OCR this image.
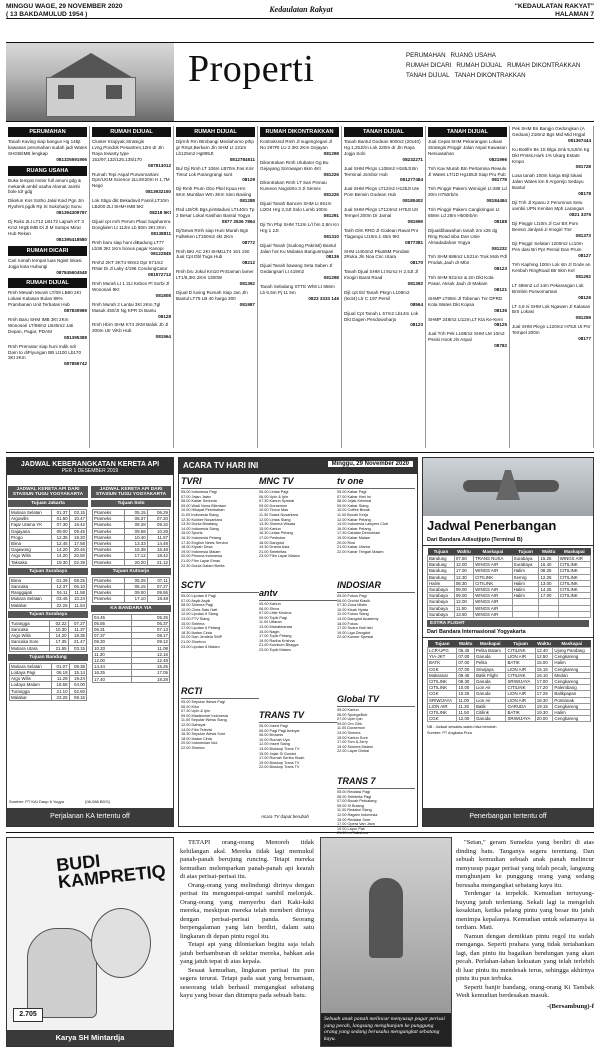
MINGGU WAGE, 29 NOVEMBER 2020
( 13 BAKDAMULUD 1954 )
Kedaulatan Rakyat	"KEDAULATAN RAKYAT"
HALAMAN 7
Properti	PERUMAHAN RUANG USAHA
RUMAH DICARI RUMAH DIJUAL RUMAH DIKONTRAKKAN
TANAH DIJUAL TANAH DIKONTRAKKAN
PERUMAHAN
Tanah Kaving siap bangun Hg 145jt kawasan perumahan sudah jadi Wates SHGB/IMB lengkap
081325591906
RUANG USAHA
Buka tempat motor full amuni gdg & mekanik ambil usaha Alamat Jambi bole tdr gdg
Dikelun Kos Sotho Jalal Koid Pgn Jm Ryoferti pgdk Rp Si Sukoharjo Sunu
081394309797
Dj Ruko 2Lt LT12 LB172 Lajnah KT 3 Km2 Hrg$ IMB Di Jl M Sutopo Mirat Hub Rekan
081395418580
RUMAH DICARI
Cari rumah tempat luas Ngisit lokasi Jogja kota Hubungi
087845604548
RUMAH DIJUAL
Rmh Mewah Murah LT/08 LB80 2Kt Lokasi Kalasan Bulan 89% Prambanan Unit Terbatas Hub
087830989
Rmh Baru SHM IMB 3Kt 2Km Wonosari LT/98m2 LB45m2 Jati Depan, Pagar, PDAM
081395388
Rmh Prematur siap huni mdik sdr Dam to diPiyungan BB Lt100 Lb170 3Kt 2Km
087856742
RUMAH DIJUAL
Cluster Krapyak,Strategis Lvng,Pondok Pesantren,10m dr Jln Raya tewarty type 152/97,132/125,135/170
087813012
Rumah Tepi Aspal Purwomartani Dpn/UGM Science 2LL9X20m H 1,7M Nego
0813932150
Lok Stigo dkt Bekadavit Fasnil,LT10m LB200 2Lt SHM+IMB 5Kt
08218 5Kt
Dijual cpt mrh Perum Plaut Sajaharera Donglalen Lt 112m Lb 80m 3Kt 2Km
08138811
Rmh baru siap huni diBadung LT77 Lb36 3Kt 1Km bonus pagar Kanopi
08122845
Rmh2 2KT 3KT4 90m2 Dpr 671m2 RNaI Di Jl Laky 4/196 CondongCatur
081572712
Rmh Murah Lt 1 2Lt Kebon Pl Sorbi Jl Wonosari 9Kt
081808
Rmh Murah 2 Lantai 3Kt 2Km,Tgl Masuk 450/Jt Ng KPR Di Bantu
08128
Rmh Hbrn SHM KT4 2KM Balok Jb Jl 200m Utr ViKb Hub
081564
RUMAH DIJUAL
Dijrmh Rm Btmbangi Mediahomo pthp gr Rmpt,Berkarn Jln SHM Lt 131m Lb125m2 Hg895Jt
0812784511
Bu/ Dji Rmh LT 106m LB70m,Fas Kmr Timut Lok Parangrangi sunt
08129
Dji Rmh Prum Gbo Pkel Kpua Hrn 5Km Muntilan Wrn 3Km Sinn Baviing
081288
Rsd LB/Oh Bgs,pinMaduni LT140m Tp 2 Besar Lokal Kasihan Bantul Yogya
0877 3536 7864
Dj/Sewa Rmh siap Huni Murah Bgn Fullteken LT150m2 4kt 2Km
08772
Rmh BKI AC 2Kt SHMLLT4 161 150 Jual Cpt Dbl Tuga Hub
08212
Rmh bru Jokul Km10 PnGaman lamer LT1/8,3Kt 2Km 1300W
081392
Dijual D luving Rumah Siap Jan Jln Bantul LT75 LB 40 harga 300
081987
RUMAH DIKONTRAKKAN
KontrakUsd Rmh Jl sugeng/egari Jl No 297Rt LU 2 3Kt 2Km Gejayan
081298
Dikontrakan Rmh Ulubator Gg Bu Gejayang Sorowajan 6km 4Kt
081226
Dikontrakan Rmh LT Sari Pinnau Kumeon Nogotirto 3 Jl Semec
081226
Dijual Tanah Bancen SHM Lt 651m Lt204 Hrg 2,3Jt Solo Lumb 100m
081291
Dji Tin Pbp SHM 712m L/I hm 2,8m Kn Hrg 1 2Jt
081310
Dijual Tanah (Sudong Pakristi) Bantul Jalan hot Ku Mulatan Bangunrtapan
08136
Dijual Tanah bawang Seta Saben Jl Gedangsari Lt 419m2
081298
Tanah Sebalang STTE Wh6 Lt 656m Lb 6,5m Pj 11 5m
0823 3333 146
TANAH DIJUAL
Tanah Bantul Godean 600m2 (20x40) Hg 1,25Jt/m Lok 220m dr Jln Raya Jogja Solo
08232271
Jual SHM Pkrgn L108m2 H165Jt Bn Terminal Jombor Hub
081277484
Jual SHM Pkrgn LT12m2 H125Jt Ute Pom Bensin Godean Hub
08180402
Jual SHM Pkrgn LT124m2 H75Jt Utr Tempel 200m Dr Jamal
081999
Tanh Dlm RRD Jl Godean Raval Pnr Tlagangu Lt16m,1 45m 9Kt
0877381
SHM Lt404m2 Pku65M Pondasi 2Ruka Jln Noa Cnc Utara
08170
Tanah Djual SHM Lt 91m2 H 2,5Jt Jl Imogiri Barat Road
081393
Dijl cpt tlsl Tanah Pkrgn L108m2 (9x34) Ltr C 197 Persil
08564
Dijual Cpt Tanah L 57m2 Lb14m Lok Dkt Dagen Pendowoharjo
08123
TANAH DIJUAL
Jual Cepat SHM Pekarangan Lokasi Strategis Pinggir Jalan Aspal Kawasan Nenuasahan
0821996
Tnh Kav Murah Btn Pertamina Rewulu Jl Wates LT/1D Hg165Jt Siap Pru Pub
081778
Tnh Pinggir Pakem Wonogiri Lt:488 Ld 20m H750rb/m
08184484
Tnh Pinggir Pakem Cangkringan Lt 558m Ld 28m H500rb/m
08188
Dijualdibawahan tanah 2m x25 dg Ring Road siba Dan Unie Almadadahan Yogya
081232
Tnh SHM 686m2 LS21m Truk Mob Pdl Produk,Jauh dr Mbn
08123
Tnh SHM 821m2 & 2m Dkt Kota Pasar, Aksuk Jauh dr Makam
08121
SHMP LT69m Jl Tobenan Tnr DPRD Kota Wates Dkt Kopsa
08135
SHMP 248m2 Lt12m,LT Kta Ke-Kern
08125
Jual Tnh Pek L168m2 SHM LM 10m2 Pssisi Hook Jln Aspal
08782
Pek SHM Bri Bangjo Gedongkan (A Gedoan) 218m2 Bgs Mid Mid Hrgjal
081367444
Ku Bo6fm Bs 1S Blga 2mk 5,5Jt/m Kg Dkt Pmtss,Hark 1% Ukarg Estate Kmpo
081728
Lusa tanah 100m harga 65jt lokasi Jalan Wates km 9 Argorejo Sedayu Bantul
08178
Dji Tnh Jl Kpanu 2 Perumnus Setu xambii UPN Kenitan Mph Larangan
0821 3376
Dji Pinggir Lt10m Jl Car Brt Pom Bensin Janlyati Ji Imogiri Tmr
081373
Dji Pinggir Selatan 1200m2 Lc10m Pen dasi Bri Ppr Pemid Dan Prum
08127
Tnh Kaphing 100m Lok stn Jl Gode an Kenbuh RingRoad Btr 5km Kel
081292
LT 486m2 Ld 14m Pekarangan Lok Brimbin Purwomartani
08126
LT 4,8 ni SHM Lok Ngawen Jl Kalasan Brtr Lokasi
081259
Jual SHM Pkrgn L120m2 H75Jt Ut Pnr Tempel 200m
08177
JADWAL KEBERANGKATAN KERETA API
PER 1 DESEMBER 2019
JADWAL KERETA API DARI STASIUN TUGU YOGYAKARTA
Tujuan Jakarta
Mutiara Selatan	01.37	03.15
Argowilis	01.50	10.47
Fajar Utama YK	07.30	16.42
Gajayana	09.00	09.45
Progo	12.35	19.20
Bima	12.45	17.58
Gajawong	14.20	20.46
Argo Wilis	14.20	20.50
Taksaka	19.30	02.39
Tujuan Surabaya
Bima	01.39	08.25
Sancaka	12.37	06.10
Ranggajati	04.11	11.58
Mutiara Selatan	03.45	10.24
Malabar	22.25	11.54
Tujuan Surabaya
Turangga	02.22	07.27
Sancaka	10.30	11.37
Argo Wilis	14.20	18.35
Sancaka Sore	17.35	21.47
Mutiara Utara	21.55	03.15
Tujuan Bandung
Mutiara Selatan	01.07	08.36
Lodaya Pagi	06.18	15.14
Argo Wilis	11.29	19.24
Lodaya Malam	18.58	04.00
Turangga	21.10	02.50
Malabar	23.25	08.16
JADWAL KERETA API DARI STASIUN TUGU YOGYAKARTA
Tujuan Solo
Prameks	05.15	06.29
Prameks	06.37	07.20
Prameks	08.28	09.32
Prameks	09.58	10.29
Prameks	10.40	11.57
Prameks	13.33	14.48
Prameks	15.38	16.48
Prameks	17.12	18.42
Prameks	20.20	21.12
Tujuan Kutoarjo
Prameks	05.25	07.11
Prameks	06.15	07.27
Prameks	09.00	09.56
Prameks	17.10	18.48
KA BANDARA YIA
04.45	05.25
05.55	06.37
06.31	07.13
07.37	08.17
08.30	09.12
10.33	11.08
11.30	12.16
12.00	12.48
14.44	15.25
16.25	17.05
17.40	18.28
Sumber: PT KAI Daop 6 Yogya	(08-068.BDG)
Perjalanan KA tertentu off
ACARA TV HARI INI	Minggu, 29 November 2020
TVRI
05.00 Indonesia Pagi
07.00 Jalan Jalan
08.00 Kabar Sedunia
09.00 Wadi Nona Bilerdam
10.00 Hikayat Pernikahan
11.00 Indonesia Siang
12.30 Kuliner Nusantara
13.30 Dunia Binatang
14.00 Indonesia Siang
15.00 Sports
16.30 Indonesia Petang
17.30 English News Service
18.00 Kiprah Desa
19.00 Indonesia Malam
20.00 Pesona Indonesia
21.00 Film Layar Emas
22.30 Dunia Dalam Berita
MNC TV
05.00 Lintas Pagi
06.00 Upin & Ipin
07.30 Kartun Spesial
09.00 Doraemon
10.00 Timun Mas
11.30 Suara Nusantara
12.00 Lintas Siang
13.30 Sinema Wisata
15.00 Kartun
16.30 Lintas Petang
17.00 Pesbuker
18.00 Dangdut
19.30 Drama Asia
21.00 Selebritas
23.00 Film Layar Malam
tv one
05.00 Kabar Pagi
07.00 Kabar Hari Ini
08.00 Jejak Kriminal
09.00 Kabar Siang
10.00 Coffee Break
11.00 Bocah Kerja
12.00 Kabar Petang
14.00 Indonesia Lawyers Club
16.00 Kabar Petang
17.30 Catatan Demokrasi
19.00 Kabar Malam
20.00 Rosi
21.00 Kabar Utama
22.00 Kabar Tengah Malam
SCTV
05.00 Liputan 6 Pagi
07.00 Asyik Asyik
08.00 Sinema Pagi
10.00 Cinta Satu Hati
12.00 Liputan 6 Siang
13.00 FTV Siang
15.00 Sinema
17.00 Liputan 6 Petang
18.30 Ikatan Cinta
20.00 Dari Jendela SMP
21.00 Sinetron
23.00 Liputan 6 Malam
INDOSIAR
05.00 Fokus Pagi
06.00 Orchid Klasik
07.30 Zona Mistis
10.00 Kisah Nyata
12.00 Fokus Siang
13.00 Dangdut Academy
16.00 Fokus
17.00 Suara Hati Istri
19.00 Liga Dangdut
22.00 Konser Spesial
antv
05.00 Kartun
06.00 Shiva
07.00 Little Krishna
09.00 Topik Pagi
11.00 Uttaran
13.00 Mahabharata
15.00 Nagin
17.00 Topik Petang
19.00 Radha Krishna
21.00 Kumkum Bhagya
23.00 Topik Malam
RCTI
05.00 Seputar iNews Pagi
06.00 Kiko
07.30 Upin & Ipin
09.00 Masterchef Indonesia
11.00 Seputar iNews Siang
12.00 Dahsyat
14.00 Film Televisi
16.30 Seputar iNews Sore
18.00 Ikatan Cinta
20.00 Indonesian Idol
22.00 Sinema
TRANS TV
05.00 Insert Pagi
06.00 Pagi Pagi Ambyar
08.00 Brownis
10.00 Rumah Uya
12.00 Insert Siang
13.00 Bioskop Trans TV
15.00 Jejak Si Gundul
17.00 Rumah Seribu Kisah
19.00 Bioskop Trans TV
22.00 Bioskop Trans TV
Global TV
05.00 Kartun
06.00 SpongeBob
07.00 Upin Ipin
09.00 Om Cilik
11.00 Doraemon
13.00 Sinema
15.00 Kartun Sore
17.00 Tom & Jerry
19.00 Sinema Malam
22.00 Layar Global
TRANS 7
05.00 Redaksi Pagi
06.00 Selebrita Pagi
07.00 Bocah Petualang
09.00 Si Bolang
11.00 Redaksi Siang
12.00 Ragam Indonesia
15.00 Redaksi Sore
17.00 Opera Van Java
19.00 Lapor Pak
21.00 Ini Talkshow
Acara TV dapat berubah
Jadwal Penerbangan
Dari Bandara Adisutjipto (Terminal B)
Tujuan	Waktu	Maskapai	Tujuan	Waktu	Maskapai
Bandung	07.50	TRANS NUSA	Surabaya	15.25	WINGS AIR
Bandung	12.00	WINGS AIR	Surabaya	16.40	CITILINK
Bandung	17.00	WINGS AIR	Halim	08.25	CITILINK
Bandung	12.30	CITILINK	Semrg	12.25	CITILINK
Halim	08.30	CITILINK	Halim	13.00	CITILINK
Surabaya	09.00	WINGS AIR	Halim	14.25	CITILINK
Surabaya	09.00	WINGS AIR	Halim	17.00	CITILINK
Surabaya	12.00	WINGS AIR			
Surabaya	11.50	WINGS AIR			
Surabaya	13.50	WINGS AIR			
EXTRA FLIGHT
Dari Bandara Internasional Yogyakarta
Tujuan	Waktu	Maskapai	Tujuan	Waktu	Maskapai
LCR-UPG	06.45	Pelita Batam	CITILINK	12.40	Ujung Pandang
YIA-JKT	07.00	Garuda	LION AIR	12.50	Cengkareng
BATK	07.00	Pelita	BATIK	15.00	Halim
CGK	07.00	Sriwijaya	LION AIR	15.15	Cengkareng
Makassar	09.45	Batik Flight	CITILINK	16.10	Medan
CITILINK	09.30	Garuda	SRIWIJAYA	17.00	Cengkareng
CITILINK	10.00	Lion Air	CITILINK	17.20	Palembang
CGK	10.25	Garuda	LION AIR	17.25	Balikpapan
SRIWIJAYA	11.00	Lion Air	LION AIR	18.30	Pontianak
LION AIR	11.30	Batik	GARUDA	19.15	Cengkareng
CITILINK	11.50	Citilink	BATIK	19.30	Halim
CGK	12.00	Garuda	SRIWIJAYA	20.00	Cengkareng
NB : Jadwal sewaktu-waktu bisa berubah
Sumber: PT Angkasa Pura
Penerbangan tertentu off
BUDI KAMPRETIQ
2.705
Karya SH Mintardja

TETAPI orang-orang Menoreh tidak kehilangan akal. Mereka tidak lagi memukul panah-panah berujung runcing. Tetapi mereka kemudian melemparkan panah-panah api kearah di atas perisai-perisai itu.

Orang-orang yang melindungi dirinya dengan perisai itu mengumpat-umpat sambil melonjak. Orang-orang yang menyerbu dari Kaki-kaki mereka, meskipun mereka telah memberi dirinya dengan perisai-perisai panda. Seorang berpengalaman yang lain berdiri, dalam satu lingkaran di depan pintu regol itu.

Tetapi api yang dilontarkan begitu saja telah jatuh berhamburan di sekitar mereka, bahkan ada yang jatuh tepat di atas kepala.

Sesaat kemudian, lingkaran perisai itu pun segera terurai. Tetapi pada saat yang bersamaan, seseorang telah berhasil mengangkat sebatang kayu yang besar dan ditumpu pada sebuah batu.

Sebuah anak panah melincur menyusup pagar perisai yang pecah, langsung menghunjam ke punggung orang yang sedang berusaha mengangkat sebatang kayu.

"Setan," geram Sumekta yang berdiri di atas dinding batu. Tanganya segera terentang. Dan sebuah kemudian sebuah anak panah melincur menyusup pagar perisai yang telah pecah, langsung menghunjam ke punggung orang yang sedang berusaha mengangkat sebatang kayu itu.

Terdengar ia terpekik. Kemudian tertuyung-huyung jatuh terlentang. Sekali lagi ia mengeluh kesakitan, ketika pelang pintu yang besar itu jatuh menimpa kepalanya. Kemudian untuk selamanya ia terdiam. Mati.

Namun dengan demikian pintu regol itu sudah menganga. Seperti prahara yang tidak tertahankan lagi, dan pintu itu bagaikan bendungan yang akan pecah. Perlahan-lahan kekuatan yang telah terlebih di luar pintu itu mendesak terus, sehingga akhirnya pintu itu pun terbuka.

Seperti banjir bandang, orang-orang Ki Tambak Wedi kemudian berdesakan masuk.

-(Bersambung)-f
